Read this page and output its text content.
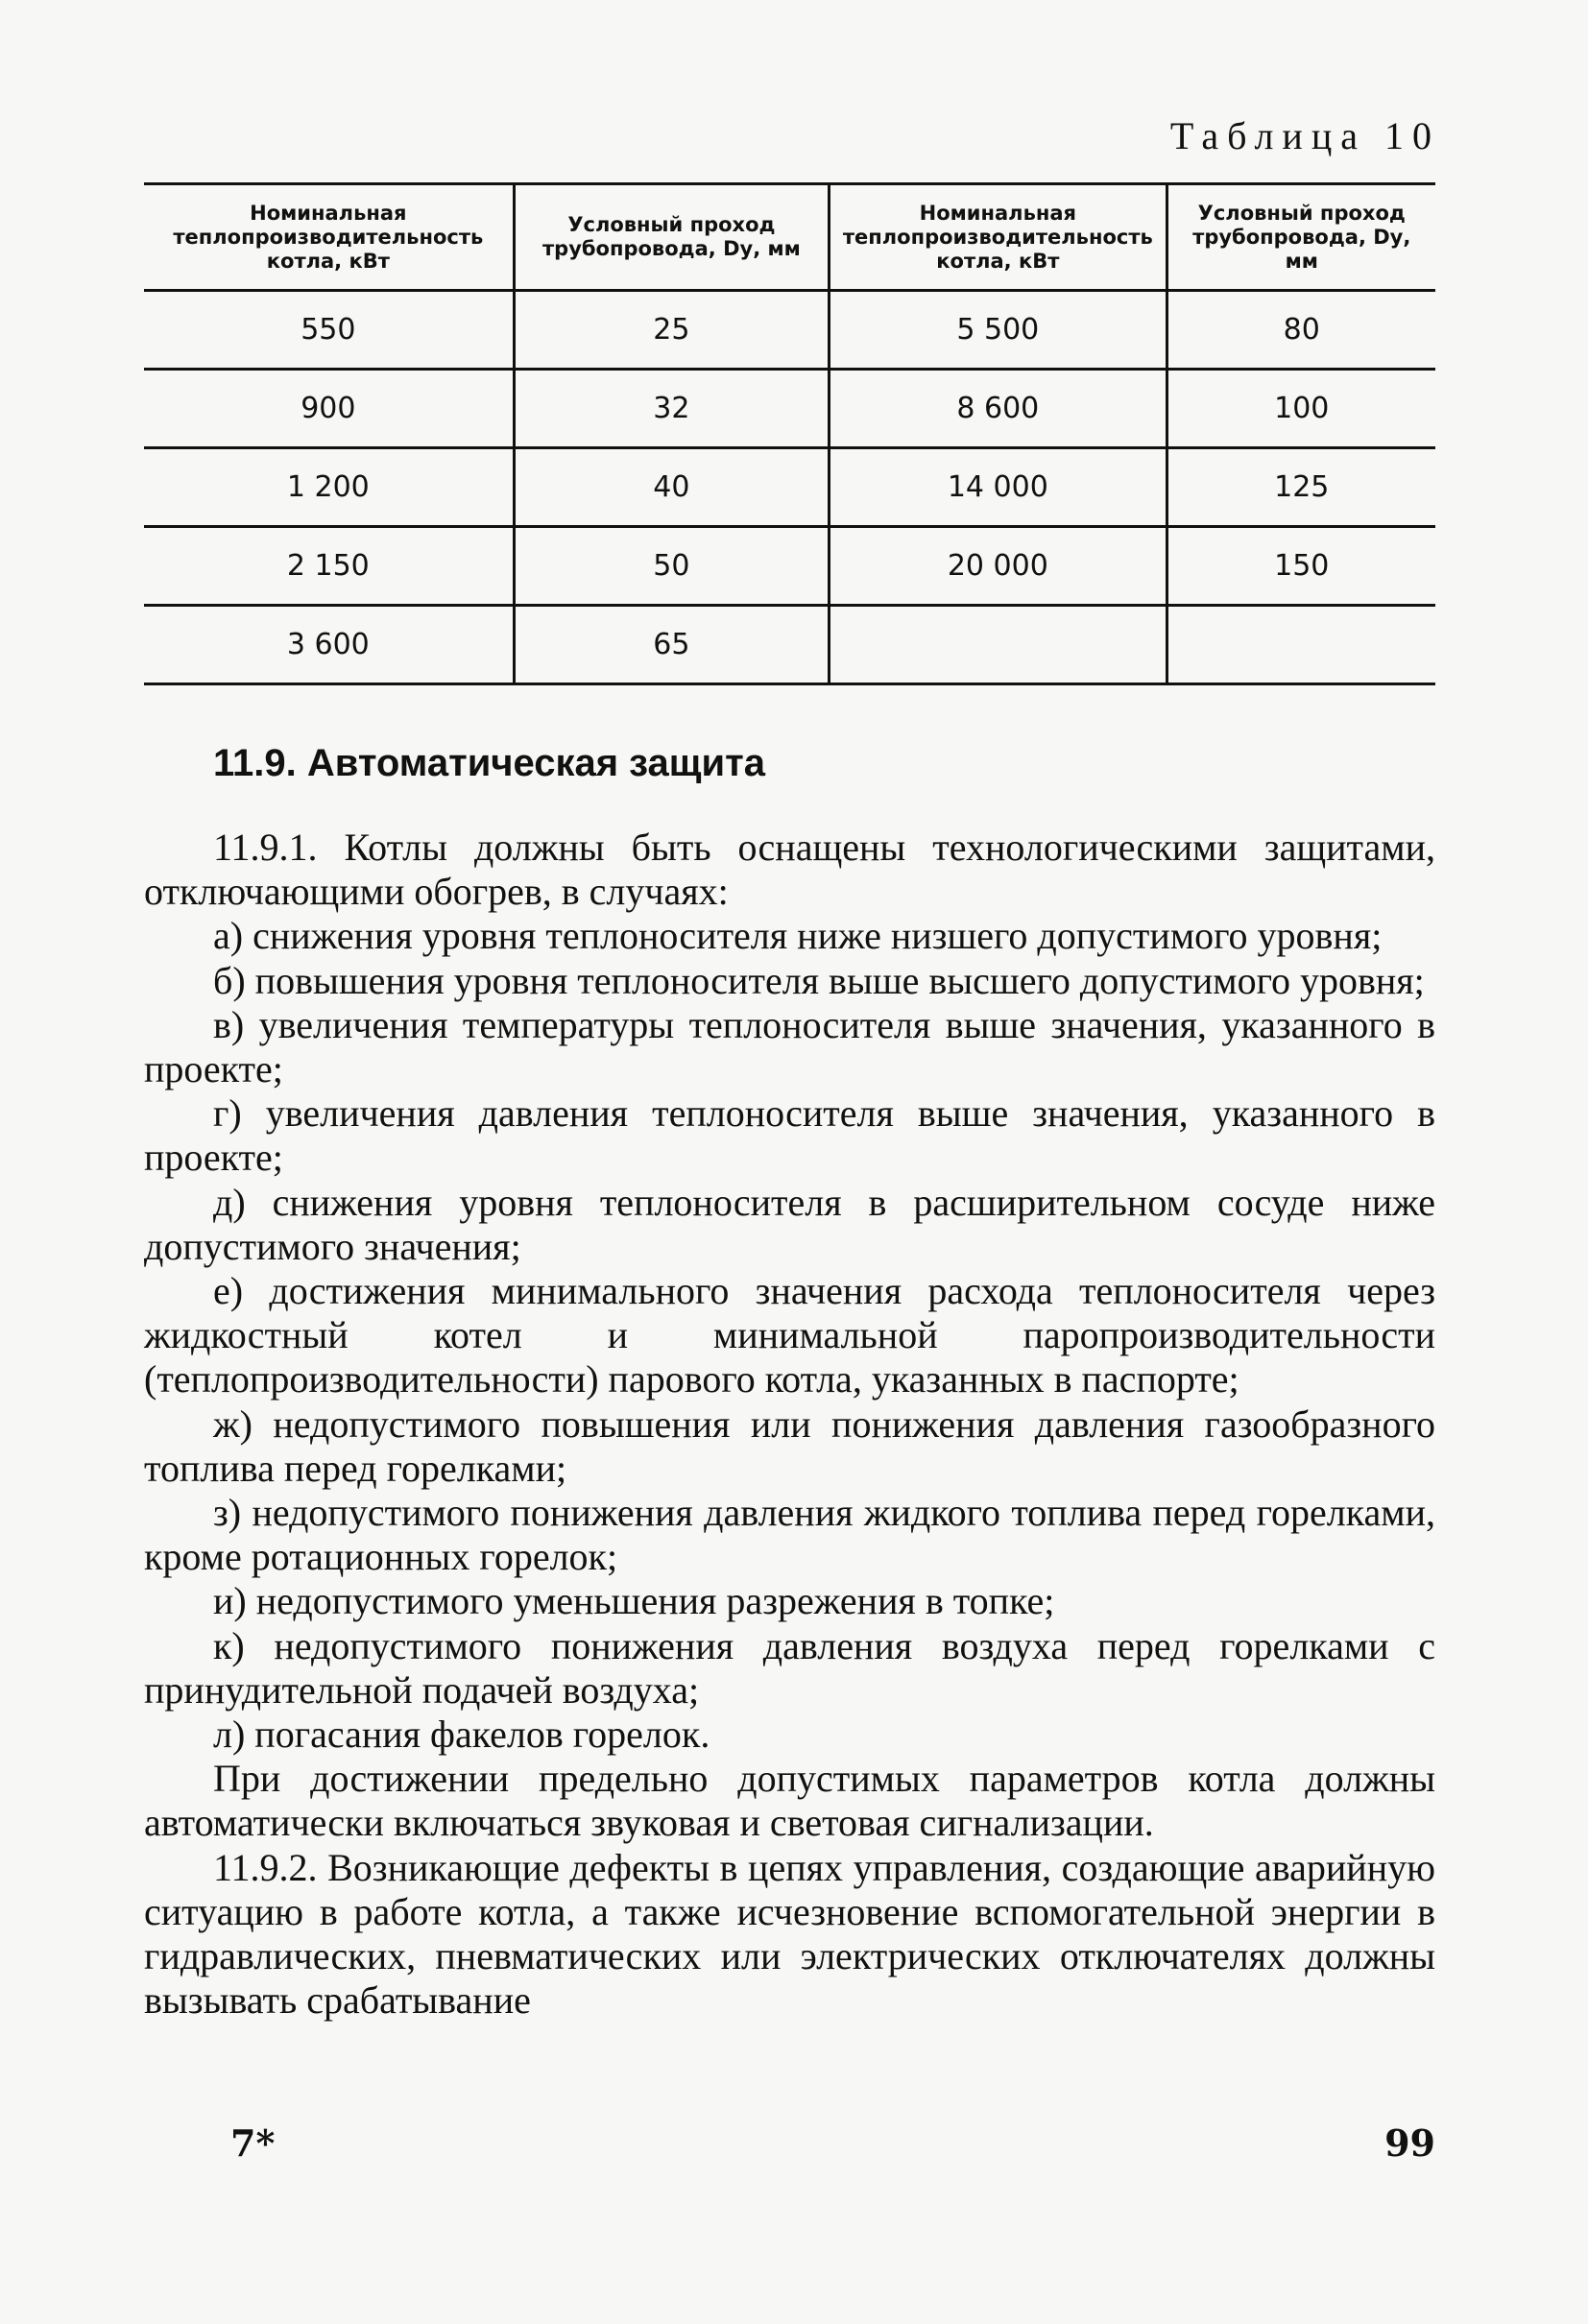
Таблица 10
Номинальная теплопроизводительность котла, кВт	Условный проход трубопровода, Dу, мм	Номинальная теплопроизводительность котла, кВт	Условный проход трубопровода, Dу, мм
550	25	5 500	80
900	32	8 600	100
1 200	40	14 000	125
2 150	50	20 000	150
3 600	65		
11.9. Автоматическая защита

11.9.1. Котлы должны быть оснащены технологическими защитами, отключающими обогрев, в случаях:

а) снижения уровня теплоносителя ниже низшего допустимого уровня;

б) повышения уровня теплоносителя выше высшего допустимого уровня;

в) увеличения температуры теплоносителя выше значения, указанного в проекте;

г) увеличения давления теплоносителя выше значения, указанного в проекте;

д) снижения уровня теплоносителя в расширительном сосуде ниже допустимого значения;

е) достижения минимального значения расхода теплоносителя через жидкостный котел и минимальной паропроизводительности (теплопроизводительности) парового котла, указанных в паспорте;

ж) недопустимого повышения или понижения давления газообразного топлива перед горелками;

з) недопустимого понижения давления жидкого топлива перед горелками, кроме ротационных горелок;

и) недопустимого уменьшения разрежения в топке;

к) недопустимого понижения давления воздуха перед горелками с принудительной подачей воздуха;

л) погасания факелов горелок.

При достижении предельно допустимых параметров котла должны автоматически включаться звуковая и световая сигнализации.

11.9.2. Возникающие дефекты в цепях управления, создающие аварийную ситуацию в работе котла, а также исчезновение вспомогательной энергии в гидравлических, пневматических или электрических отключателях должны вызывать срабатывание

7*	99
